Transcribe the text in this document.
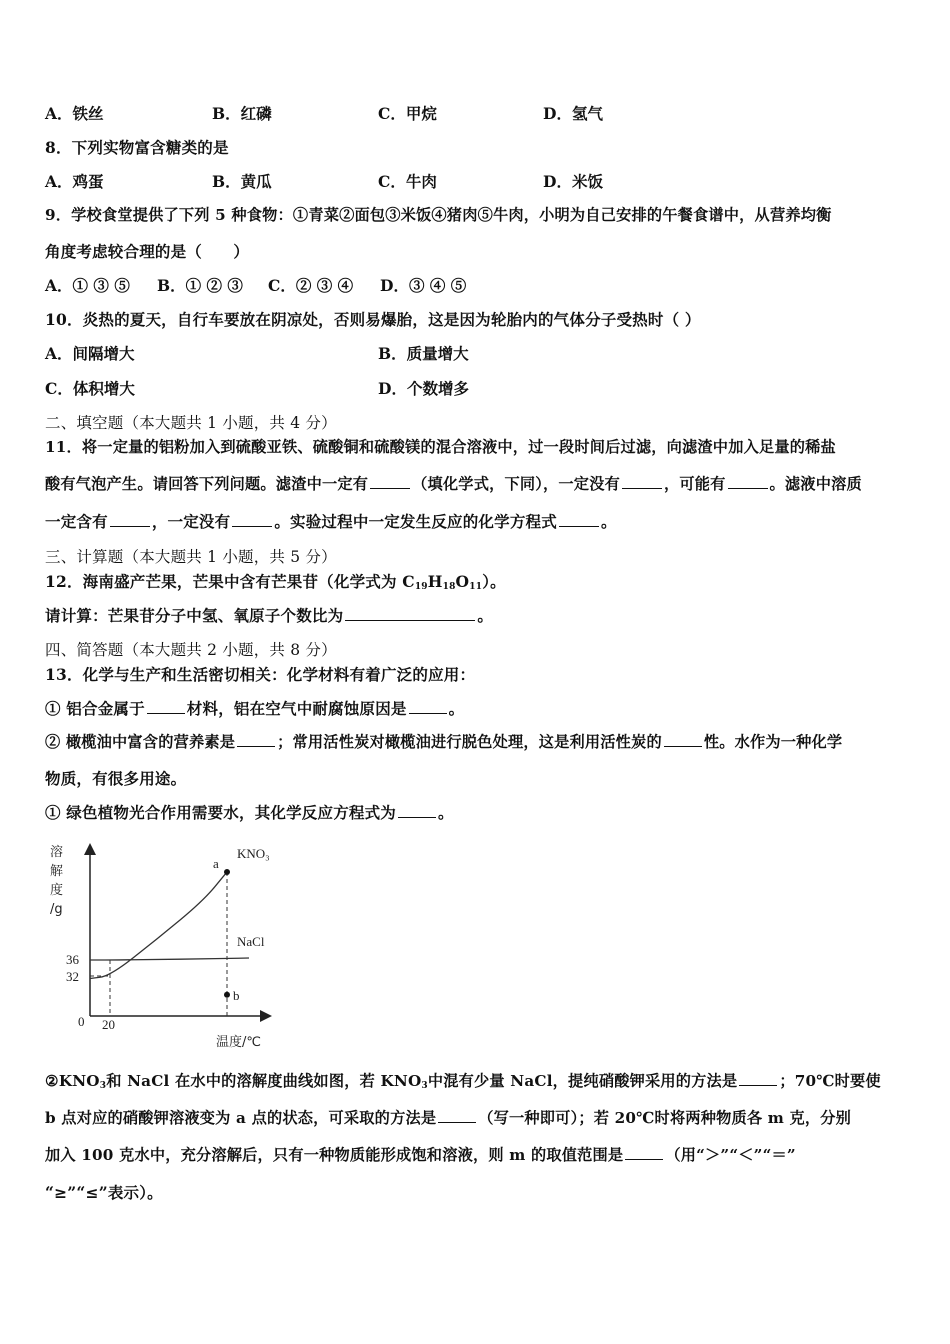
A．铁丝	B．红磷	C．甲烷	D．氢气
8．下列实物富含糖类的是
A．鸡蛋	B．黄瓜	C．牛肉	D．米饭
9．学校食堂提供了下列 5 种食物：①青菜②面包③米饭④猪肉⑤牛肉，小明为自己安排的午餐食谱中，从营养均衡
角度考虑较合理的是（　　）
A．① ③ ⑤ B．① ② ③ C．② ③ ④ D．③ ④ ⑤
10．炎热的夏天，自行车要放在阴凉处，否则易爆胎，这是因为轮胎内的气体分子受热时（ ）
A．间隔增大	B．质量增大
C．体积增大	D．个数增多
二、填空题（本大题共 1 小题，共 4 分）
11．将一定量的铝粉加入到硫酸亚铁、硫酸铜和硫酸镁的混合溶液中，过一段时间后过滤，向滤渣中加入足量的稀盐
酸有气泡产生。请回答下列问题。滤渣中一定有	（填化学式，下同），一定没有	，可能有	。滤液中溶质
一定含有	，一定没有	。实验过程中一定发生反应的化学方程式	。
三、计算题（本大题共 1 小题，共 5 分）
12．海南盛产芒果，芒果中含有芒果苷（化学式为 $C_{19}H_{18}O_{11}$）。
请计算：芒果苷分子中氢、氧原子个数比为	。
四、简答题（本大题共 2 小题，共 8 分）
13．化学与生产和生活密切相关：化学材料有着广泛的应用：
① 铝合金属于	材料，铝在空气中耐腐蚀原因是	。
② 橄榄油中富含的营养素是	；常用活性炭对橄榄油进行脱色处理，这是利用活性炭的	性。水作为一种化学
物质，有很多用途。
① 绿色植物光合作用需要水，其化学反应方程式为	。
溶解度/g
0 20
36
32
KNO₃
NaCl
a
b
温度/℃
$②KNO_3$和 NaCl 在水中的溶解度曲线如图，若 $KNO_3$中混有少量 NaCl，提纯硝酸钾采用的方法是	；70℃时要使
b 点对应的硝酸钾溶液变为 a 点的状态，可采取的方法是	（写一种即可）；若 20℃时将两种物质各 m 克，分别
加入 100 克水中，充分溶解后，只有一种物质能形成饱和溶液，则 m 的取值范围是	（用“＞”“＜”“＝”
“≥”“≤”表示）。
